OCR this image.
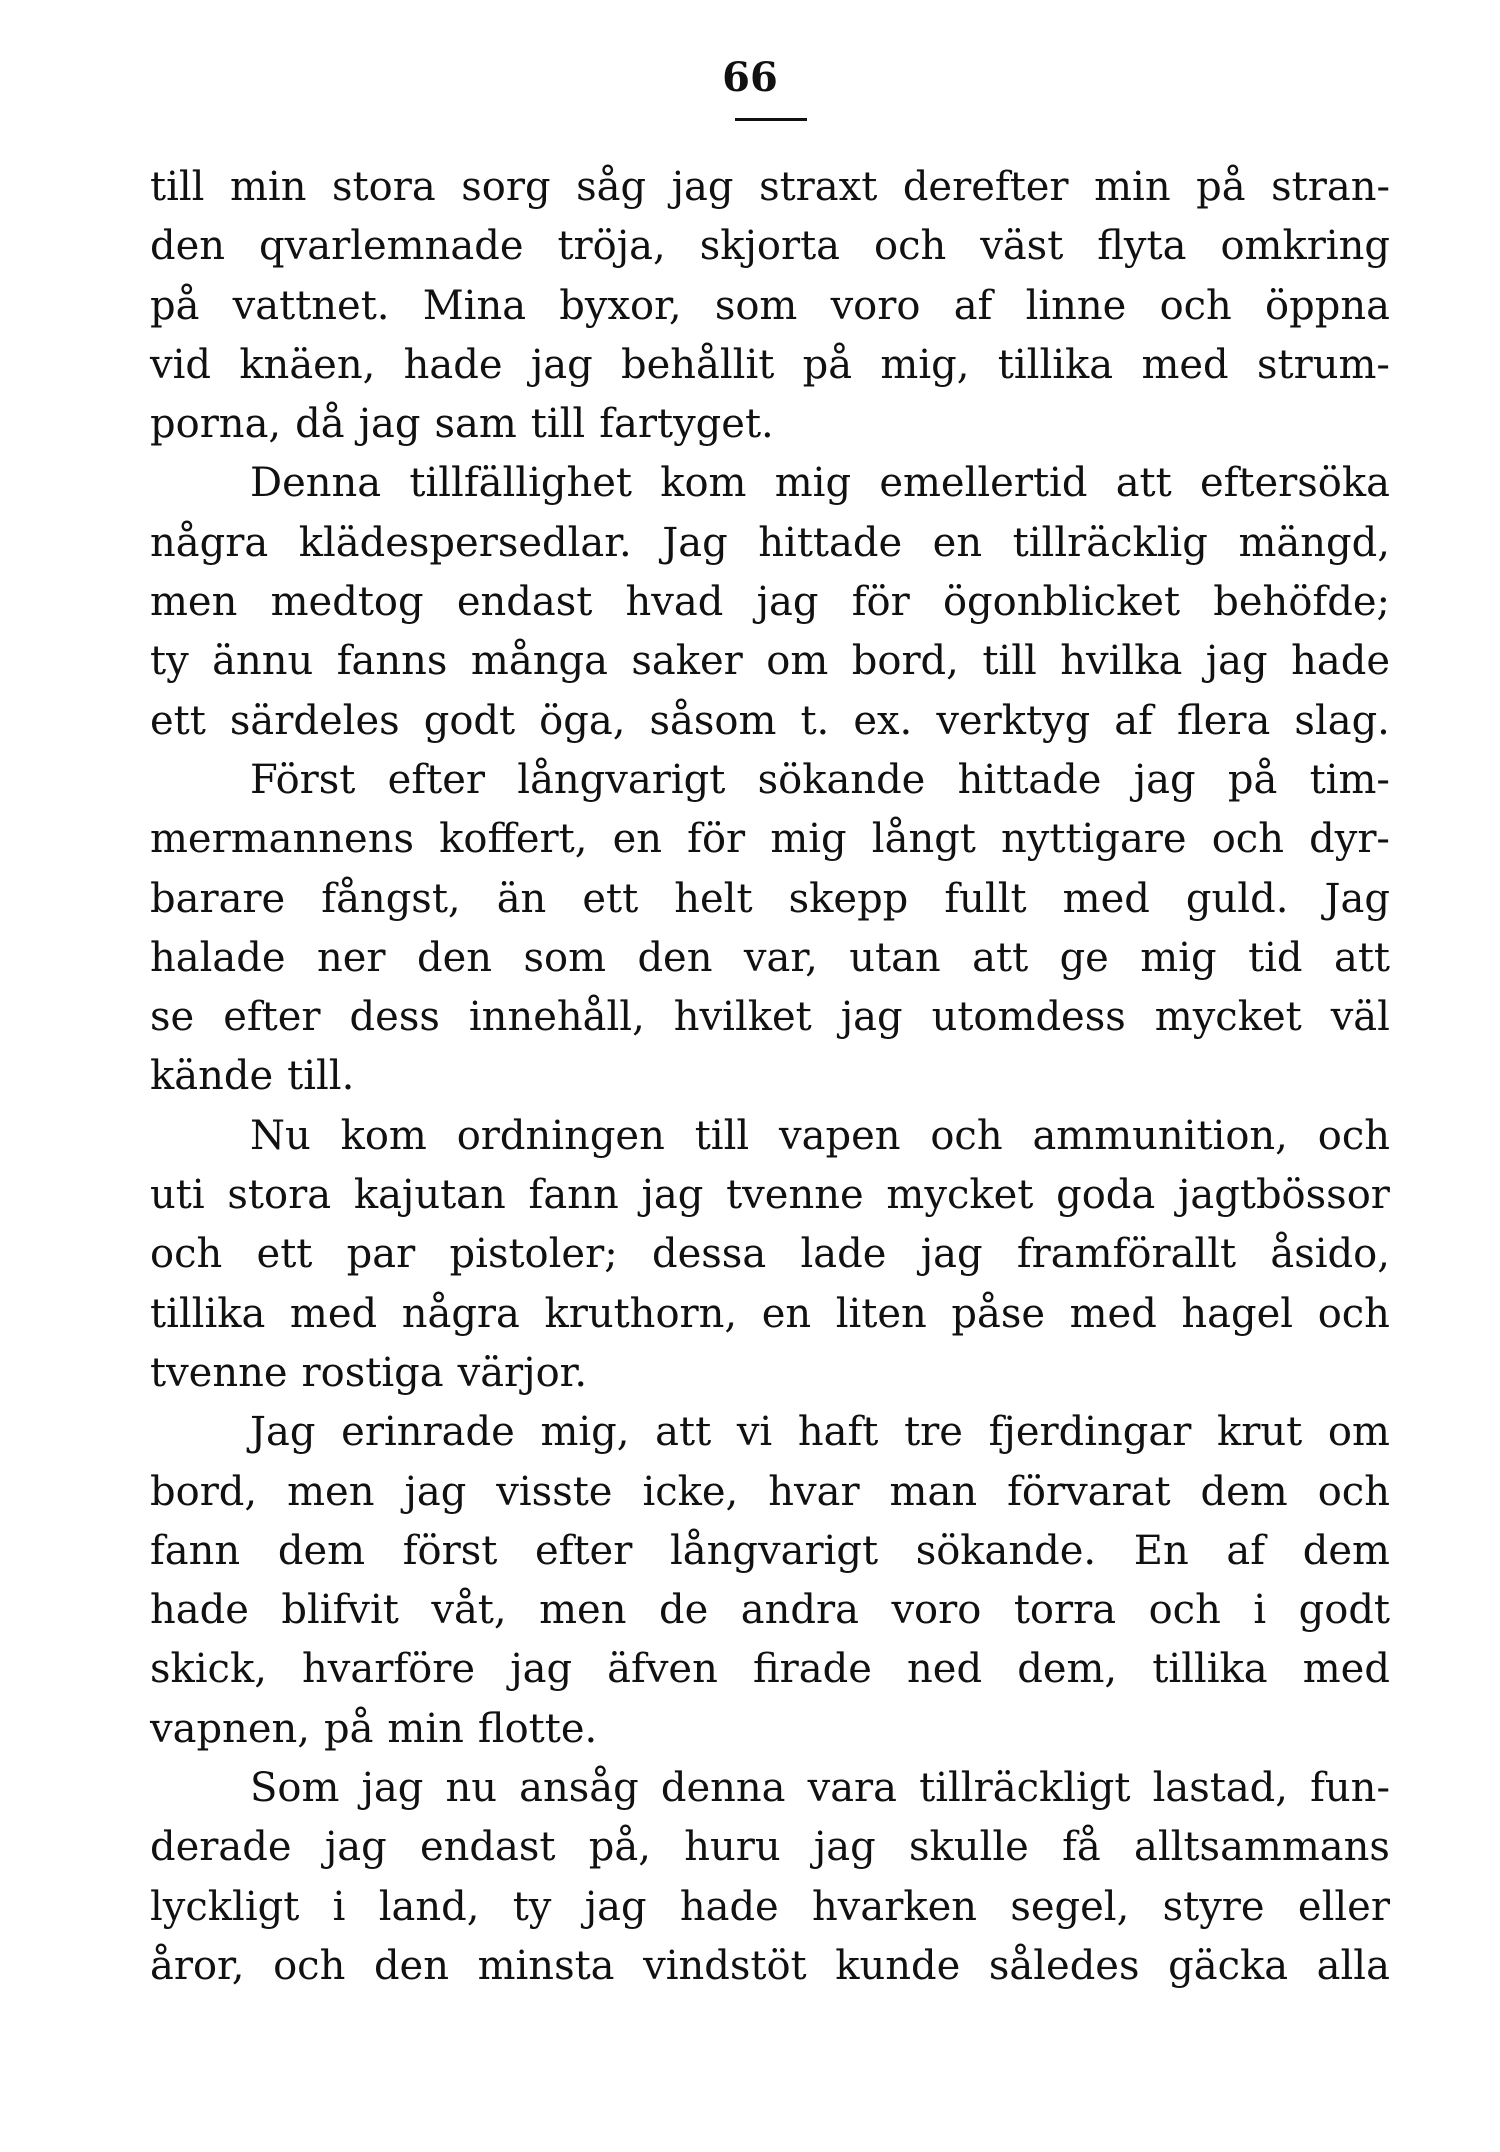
66
till min stora sorg såg jag straxt derefter min på stran-
den qvarlemnade tröja, skjorta och väst flyta omkring
på vattnet. Mina byxor, som voro af linne och öppna
vid knäen, hade jag behållit på mig, tillika med strum-
porna, då jag sam till fartyget.
Denna tillfällighet kom mig emellertid att eftersöka
några klädespersedlar. Jag hittade en tillräcklig mängd,
men medtog endast hvad jag för ögonblicket behöfde;
ty ännu fanns många saker om bord, till hvilka jag hade
ett särdeles godt öga, såsom t. ex. verktyg af flera slag.
Först efter långvarigt sökande hittade jag på tim-
mermannens koffert, en för mig långt nyttigare och dyr-
barare fångst, än ett helt skepp fullt med guld. Jag
halade ner den som den var, utan att ge mig tid att
se efter dess innehåll, hvilket jag utomdess mycket väl
kände till.
Nu kom ordningen till vapen och ammunition, och
uti stora kajutan fann jag tvenne mycket goda jagtbössor
och ett par pistoler; dessa lade jag framförallt åsido,
tillika med några kruthorn, en liten påse med hagel och
tvenne rostiga värjor.
Jag erinrade mig, att vi haft tre fjerdingar krut om
bord, men jag visste icke, hvar man förvarat dem och
fann dem först efter långvarigt sökande. En af dem
hade blifvit våt, men de andra voro torra och i godt
skick, hvarföre jag äfven firade ned dem, tillika med
vapnen, på min flotte.
Som jag nu ansåg denna vara tillräckligt lastad, fun-
derade jag endast på, huru jag skulle få alltsammans
lyckligt i land, ty jag hade hvarken segel, styre eller
åror, och den minsta vindstöt kunde således gäcka alla
